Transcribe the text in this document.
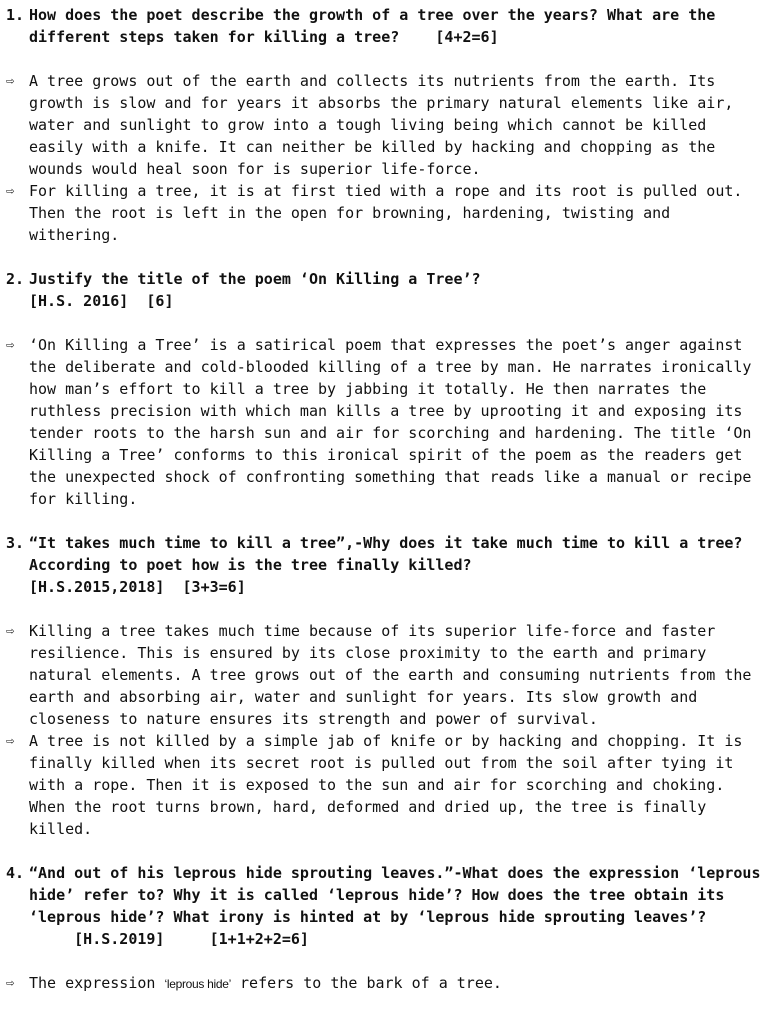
1. How does the poet describe the growth of a tree over the years? What are the different steps taken for killing a tree?    [4+2=6]
⇨ A tree grows out of the earth and collects its nutrients from the earth. Its growth is slow and for years it absorbs the primary natural elements like air, water and sunlight to grow into a tough living being which cannot be killed easily with a knife. It can neither be killed by hacking and chopping as the wounds would heal soon for is superior life-force.
⇨ For killing a tree, it is at first tied with a rope and its root is pulled out. Then the root is left in the open for browning, hardening, twisting and withering.
2. Justify the title of the poem ‘On Killing a Tree’?
[H.S. 2016]  [6]
⇨ ‘On Killing a Tree’ is a satirical poem that expresses the poet’s anger against the deliberate and cold-blooded killing of a tree by man. He narrates ironically how man’s effort to kill a tree by jabbing it totally. He then narrates the ruthless precision with which man kills a tree by uprooting it and exposing its tender roots to the harsh sun and air for scorching and hardening. The title ‘On Killing a Tree’ conforms to this ironical spirit of the poem as the readers get the unexpected shock of confronting something that reads like a manual or recipe for killing.
3. “It takes much time to kill a tree”,-Why does it take much time to kill a tree? According to poet how is the tree finally killed?
[H.S.2015,2018]  [3+3=6]
⇨ Killing a tree takes much time because of its superior life-force and faster resilience. This is ensured by its close proximity to the earth and primary natural elements. A tree grows out of the earth and consuming nutrients from the earth and absorbing air, water and sunlight for years. Its slow growth and closeness to nature ensures its strength and power of survival.
⇨ A tree is not killed by a simple jab of knife or by hacking and chopping. It is finally killed when its secret root is pulled out from the soil after tying it with a rope. Then it is exposed to the sun and air for scorching and choking. When the root turns brown, hard, deformed and dried up, the tree is finally killed.
4. “And out of his leprous hide sprouting leaves.”-What does the expression ‘leprous hide’ refer to? Why it is called ‘leprous hide’? How does the tree obtain its ‘leprous hide’? What irony is hinted at by ‘leprous hide sprouting leaves’?     [H.S.2019]     [1+1+2+2=6]
⇨ The expression ‘leprous hide’ refers to the bark of a tree.
